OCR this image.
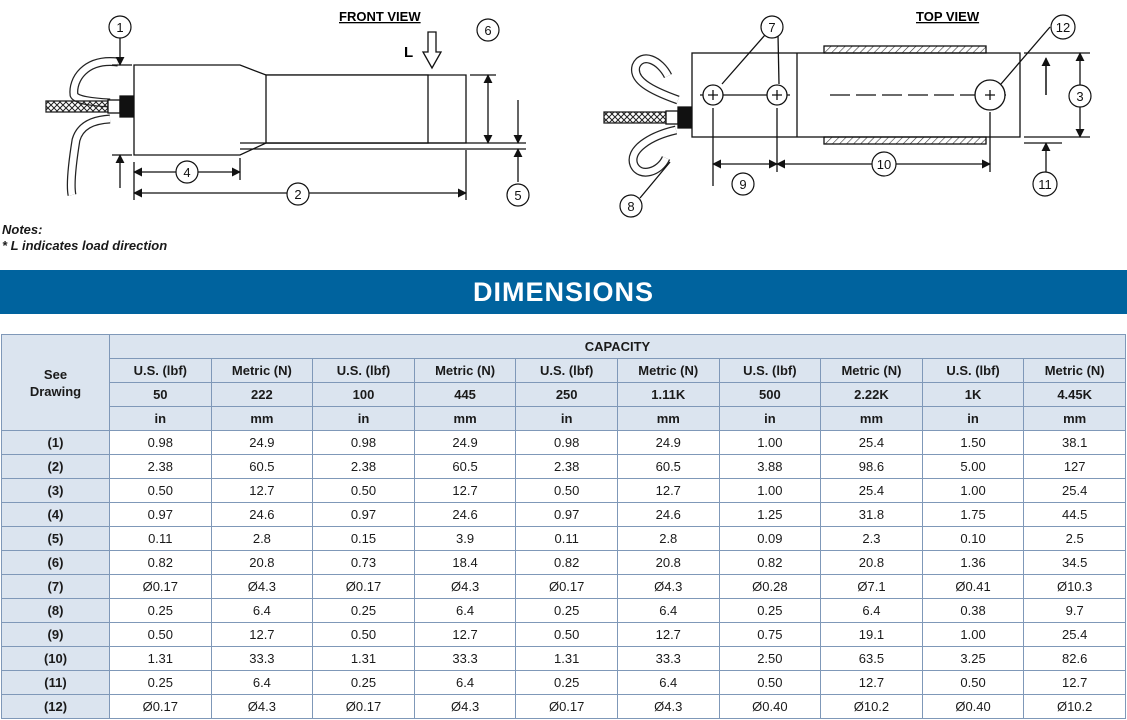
FRONT VIEW	TOP VIEW
L
1
2
3
4
5
6	7
8
9
10
11
12
Notes:
* L indicates load direction
DIMENSIONS
See Drawing	CAPACITY									
	U.S. (lbf)	Metric (N)	U.S. (lbf)	Metric (N)	U.S. (lbf)	Metric (N)	U.S. (lbf)	Metric (N)	U.S. (lbf)	Metric (N)
	50	222	100	445	250	1.11K	500	2.22K	1K	4.45K
	in	mm	in	mm	in	mm	in	mm	in	mm
(1)	0.98	24.9	0.98	24.9	0.98	24.9	1.00	25.4	1.50	38.1
(2)	2.38	60.5	2.38	60.5	2.38	60.5	3.88	98.6	5.00	127
(3)	0.50	12.7	0.50	12.7	0.50	12.7	1.00	25.4	1.00	25.4
(4)	0.97	24.6	0.97	24.6	0.97	24.6	1.25	31.8	1.75	44.5
(5)	0.11	2.8	0.15	3.9	0.11	2.8	0.09	2.3	0.10	2.5
(6)	0.82	20.8	0.73	18.4	0.82	20.8	0.82	20.8	1.36	34.5
(7)	Ø0.17	Ø4.3	Ø0.17	Ø4.3	Ø0.17	Ø4.3	Ø0.28	Ø7.1	Ø0.41	Ø10.3
(8)	0.25	6.4	0.25	6.4	0.25	6.4	0.25	6.4	0.38	9.7
(9)	0.50	12.7	0.50	12.7	0.50	12.7	0.75	19.1	1.00	25.4
(10)	1.31	33.3	1.31	33.3	1.31	33.3	2.50	63.5	3.25	82.6
(11)	0.25	6.4	0.25	6.4	0.25	6.4	0.50	12.7	0.50	12.7
(12)	Ø0.17	Ø4.3	Ø0.17	Ø4.3	Ø0.17	Ø4.3	Ø0.40	Ø10.2	Ø0.40	Ø10.2
